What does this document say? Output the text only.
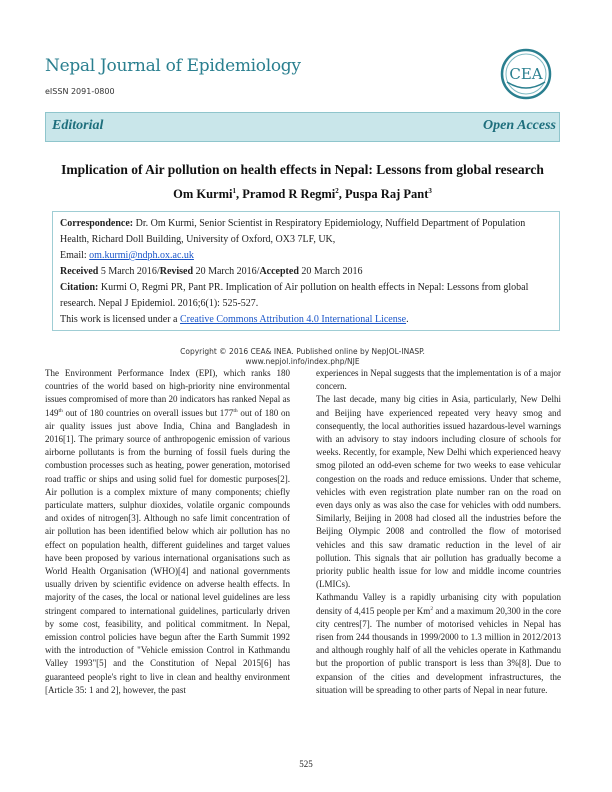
Nepal Journal of Epidemiology
eISSN 2091-0800
CEA
Editorial	Open Access
Implication of Air pollution on health effects in Nepal: Lessons from global research
Om Kurmi$^1$, Pramod R Regmi$^2$, Puspa Raj Pant$^3$
Correspondence: Dr. Om Kurmi, Senior Scientist in Respiratory Epidemiology, Nuffield Department of Population Health, Richard Doll Building, University of Oxford, OX3 7LF, UK,
Email: om.kurmi@ndph.ox.ac.uk
Received 5 March 2016/Revised 20 March 2016/Accepted 20 March 2016
Citation: Kurmi O, Regmi PR, Pant PR. Implication of Air pollution on health effects in Nepal: Lessons from global research. Nepal J Epidemiol. 2016;6(1): 525-527.
This work is licensed under a Creative Commons Attribution 4.0 International License.
Copyright © 2016 CEA& INEA. Published online by NepJOL-INASP.
www.nepjol.info/index.php/NJE

The Environment Performance Index (EPI), which ranks 180 countries of the world based on high-priority nine environmental issues compromised of more than 20 indicators has ranked Nepal as 149th out of 180 countries on overall issues but 177th out of 180 on air quality issues just above India, China and Bangladesh in 2016[1]. The primary source of anthropogenic emission of various airborne pollutants is from the burning of fossil fuels during the combustion processes such as heating, power generation, motorised road traffic or ships and using solid fuel for domestic purposes[2]. Air pollution is a complex mixture of many components; chiefly particulate matters, sulphur dioxides, volatile organic compounds and oxides of nitrogen[3]. Although no safe limit concentration of air pollution has been identified below which air pollution has no effect on population health, different guidelines and target values have been proposed by various international organisations such as World Health Organisation (WHO)[4] and national governments usually driven by scientific evidence on adverse health effects. In majority of the cases, the local or national level guidelines are less stringent compared to international guidelines, particularly driven by some cost, feasibility, and political commitment. In Nepal, emission control policies have begun after the Earth Summit 1992 with the introduction of "Vehicle emission Control in Kathmandu Valley 1993"[5] and the Constitution of Nepal 2015[6] has guaranteed people's right to live in clean and healthy environment [Article 35: 1 and 2], however, the past

experiences in Nepal suggests that the implementation is of a major concern.

The last decade, many big cities in Asia, particularly, New Delhi and Beijing have experienced repeated very heavy smog and consequently, the local authorities issued hazardous-level warnings with an advisory to stay indoors including closure of schools for weeks. Recently, for example, New Delhi which experienced heavy smog piloted an odd-even scheme for two weeks to ease vehicular congestion on the roads and reduce emissions. Under that scheme, vehicles with even registration plate number ran on the road on even days only as was also the case for vehicles with odd numbers. Similarly, Beijing in 2008 had closed all the industries before the Beijing Olympic 2008 and controlled the flow of motorised vehicles and this saw dramatic reduction in the level of air pollution. This signals that air pollution has gradually become a priority public health issue for low and middle income countries (LMICs).

Kathmandu Valley is a rapidly urbanising city with population density of 4,415 people per Km$^2$ and a maximum 20,300 in the core city centres[7]. The number of motorised vehicles in Nepal has risen from 244 thousands in 1999/2000 to 1.3 million in 2012/2013 and although roughly half of all the vehicles operate in Kathmandu but the proportion of public transport is less than 3%[8]. Due to expansion of the cities and development infrastructures, the situation will be spreading to other parts of Nepal in near future.

525
